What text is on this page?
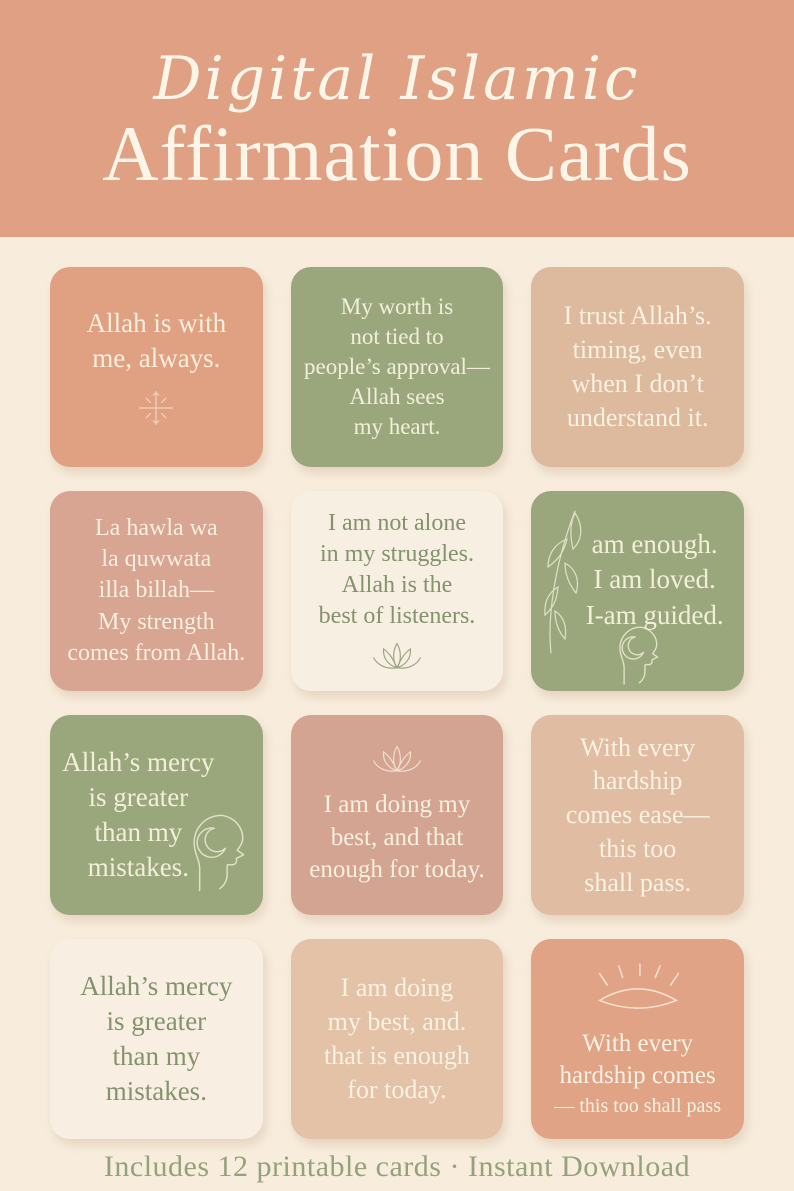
Digital Islamic
Affirmation Cards
Allah is with
me, always.
My worth is
not tied to
people’s approval—
Allah sees
my heart.
I trust Allah’s.
timing, even
when I don’t
understand it.
La hawla wa
la quwwata
illa billah—
My strength
comes from Allah.
I am not alone
in my struggles.
Allah is the
best of listeners.
am enough.
I am loved.
I-am guided.
Allah’s mercy
is greater
than my
mistakes.
I am doing my
best, and that
enough for today.
With every
hardship
comes ease—
this too
shall pass.
Allah’s mercy
is greater
than my
mistakes.
I am doing
my best, and.
that is enough
for today.
With every
hardship comes
— this too shall pass
Includes 12 printable cards · Instant Download
